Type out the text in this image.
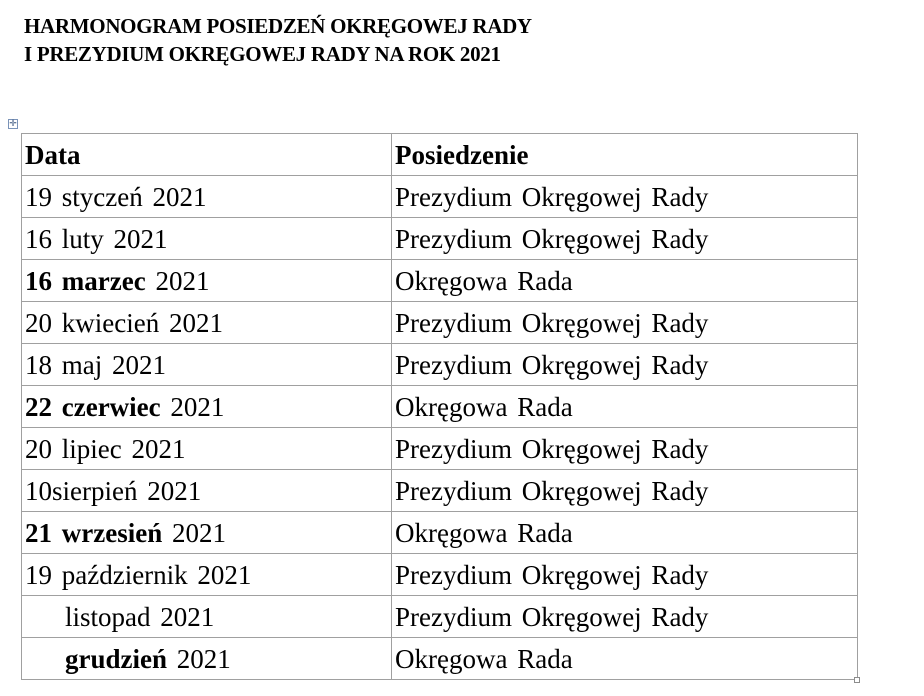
HARMONOGRAM POSIEDZEŃ OKRĘGOWEJ RADY
I PREZYDIUM OKRĘGOWEJ RADY NA ROK 2021
✛
Data	Posiedzenie
19 styczeń 2021	Prezydium Okręgowej Rady
16 luty 2021	Prezydium Okręgowej Rady
16 marzec 2021	Okręgowa Rada
20 kwiecień 2021	Prezydium Okręgowej Rady
18 maj 2021	Prezydium Okręgowej Rady
22 czerwiec 2021	Okręgowa Rada
20 lipiec 2021	Prezydium Okręgowej Rady
10sierpień 2021	Prezydium Okręgowej Rady
21 wrzesień 2021	Okręgowa Rada
19 październik 2021	Prezydium Okręgowej Rady
listopad 2021	Prezydium Okręgowej Rady
grudzień 2021	Okręgowa Rada
